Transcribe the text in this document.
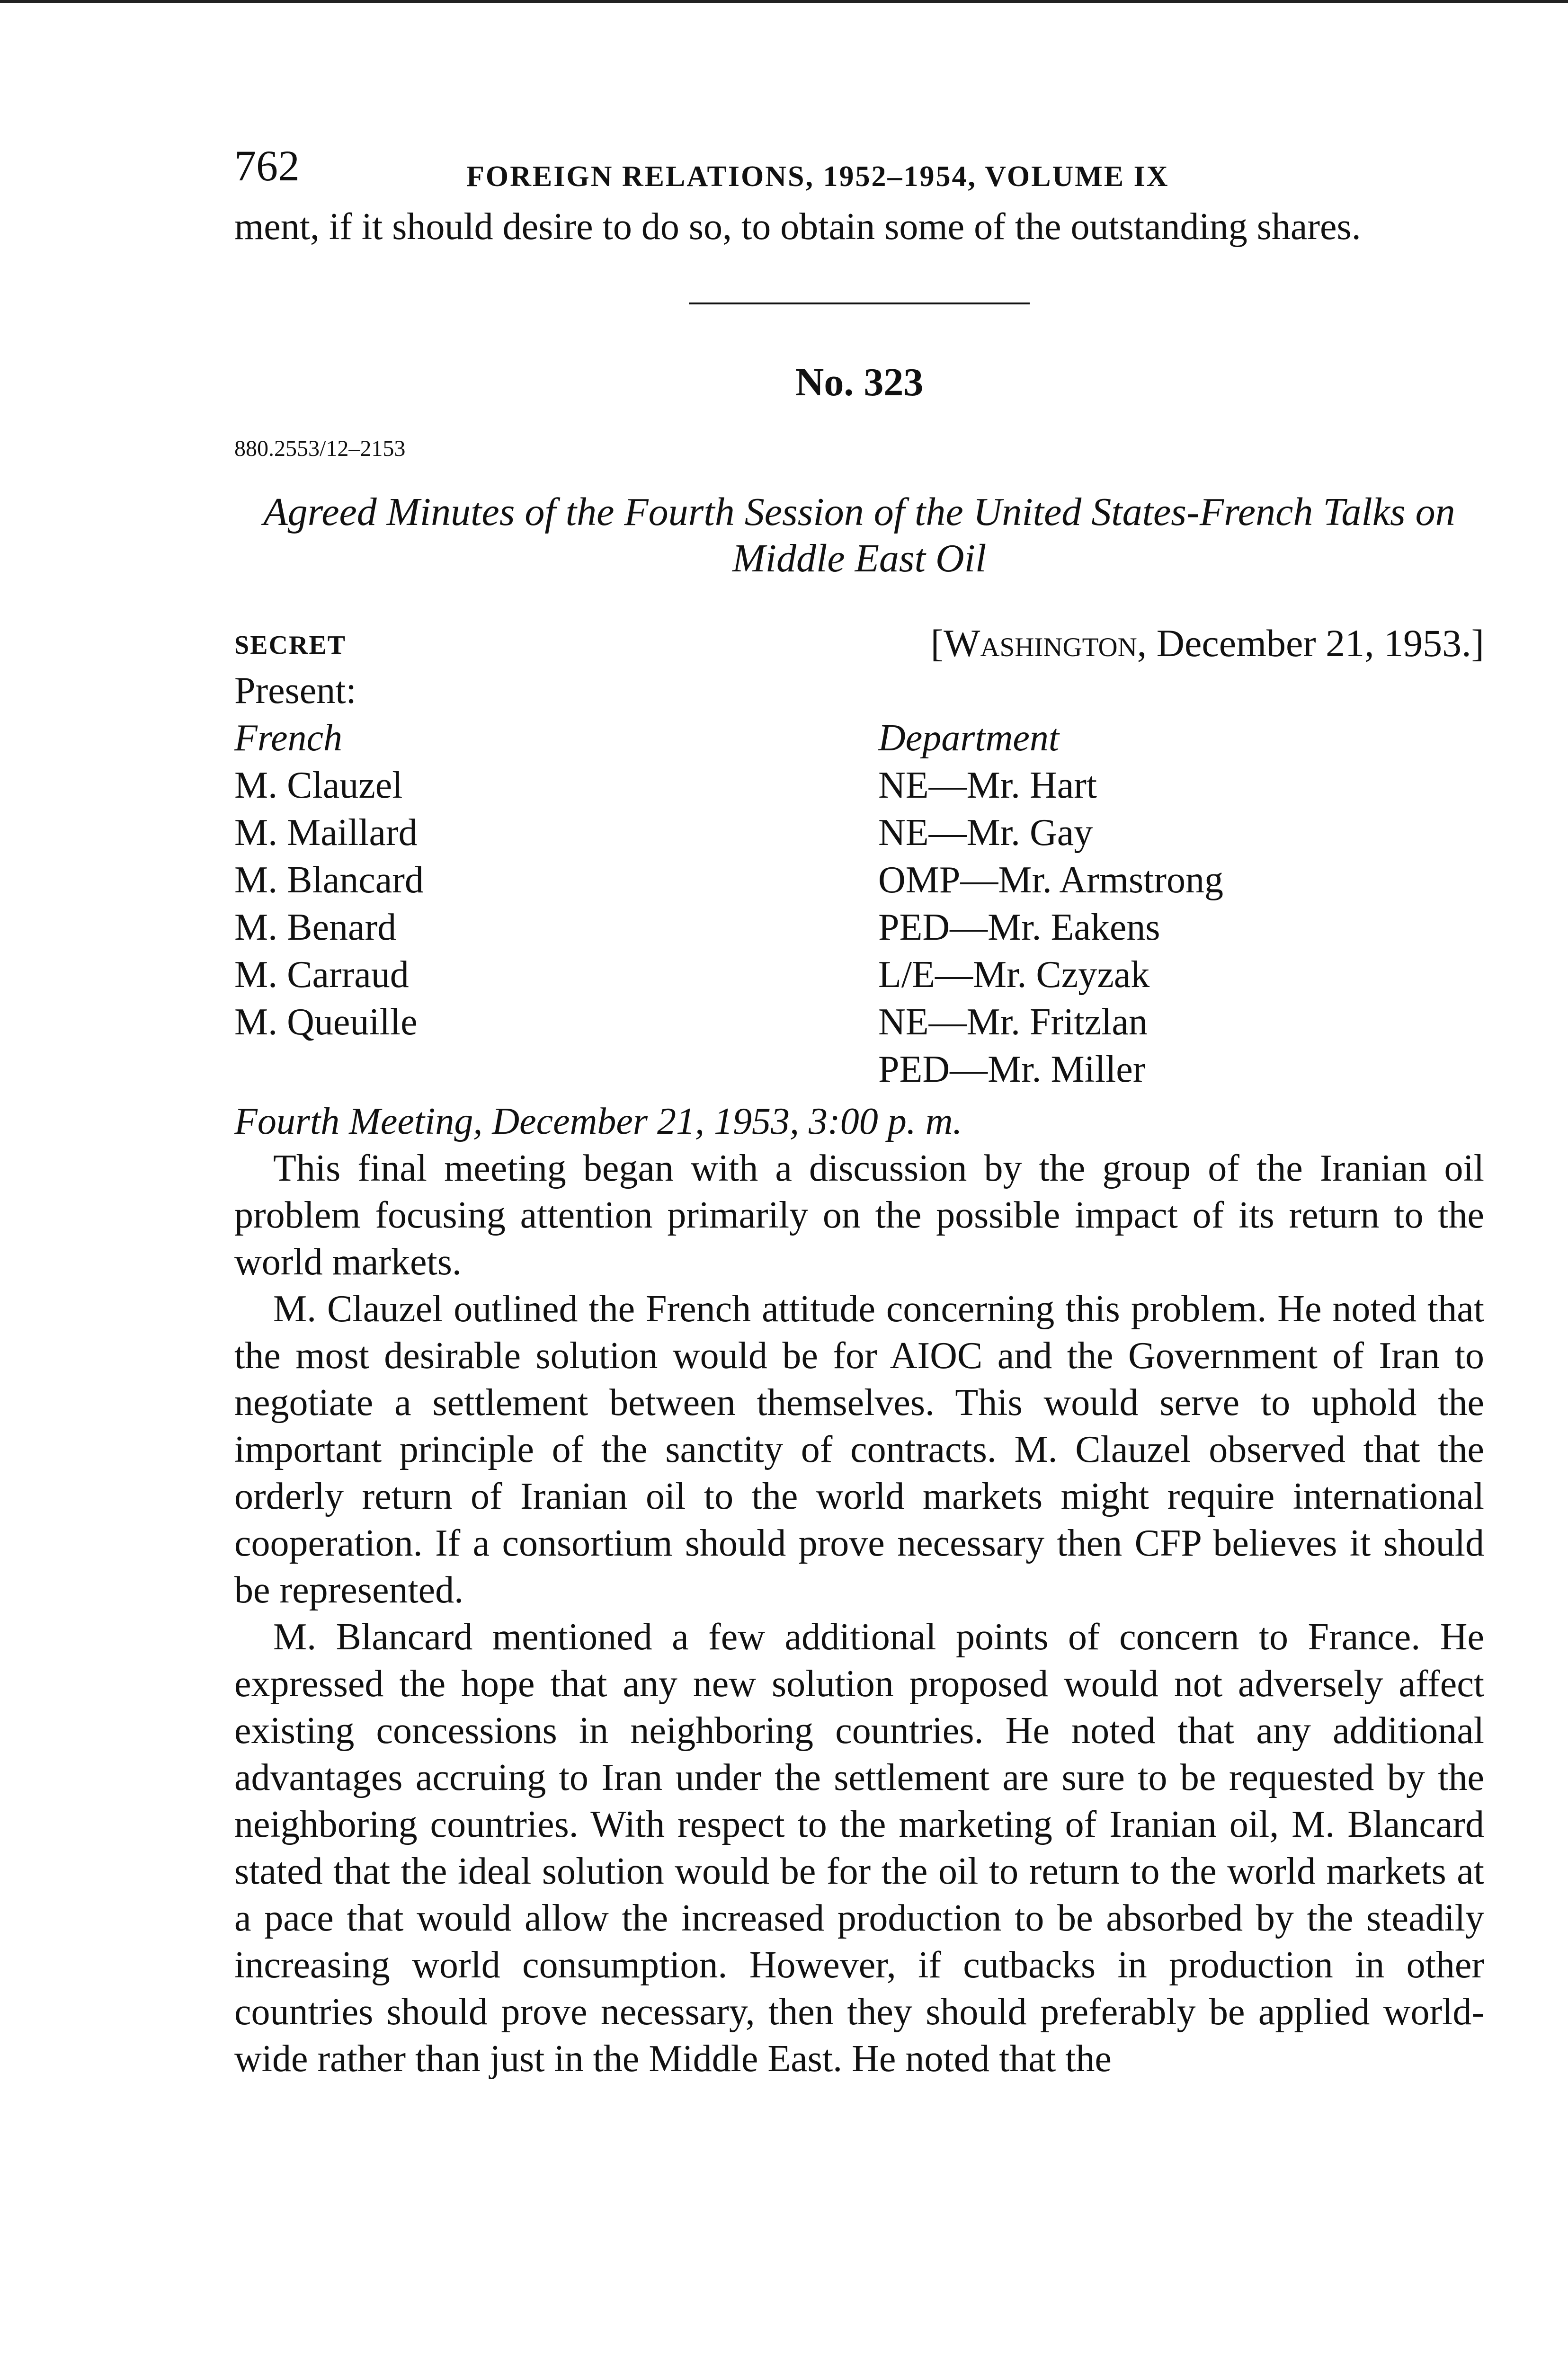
762	FOREIGN RELATIONS, 1952–1954, VOLUME IX

ment, if it should desire to do so, to obtain some of the outstanding shares.

No. 323
880.2553/12–2153
Agreed Minutes of the Fourth Session of the United States-French Talks on Middle East Oil
SECRET	[Washington, December 21, 1953.]
Present:
French
M. Clauzel
M. Maillard
M. Blancard
M. Benard
M. Carraud
M. Queuille
Department
NE—Mr. Hart
NE—Mr. Gay
OMP—Mr. Armstrong
PED—Mr. Eakens
L/E—Mr. Czyzak
NE—Mr. Fritzlan
PED—Mr. Miller
Fourth Meeting, December 21, 1953, 3:00 p. m.

This final meeting began with a discussion by the group of the Iranian oil problem focusing attention primarily on the possible impact of its return to the world markets.

M. Clauzel outlined the French attitude concerning this problem. He noted that the most desirable solution would be for AIOC and the Government of Iran to negotiate a settlement between themselves. This would serve to uphold the important principle of the sanctity of contracts. M. Clauzel observed that the orderly return of Iranian oil to the world markets might require international cooperation. If a consortium should prove necessary then CFP believes it should be represented.

M. Blancard mentioned a few additional points of concern to France. He expressed the hope that any new solution proposed would not adversely affect existing concessions in neighboring countries. He noted that any additional advantages accruing to Iran under the settlement are sure to be requested by the neighboring countries. With respect to the marketing of Iranian oil, M. Blancard stated that the ideal solution would be for the oil to return to the world markets at a pace that would allow the increased production to be absorbed by the steadily increasing world consumption. However, if cutbacks in production in other countries should prove necessary, then they should preferably be applied world-wide rather than just in the Middle East. He noted that the
